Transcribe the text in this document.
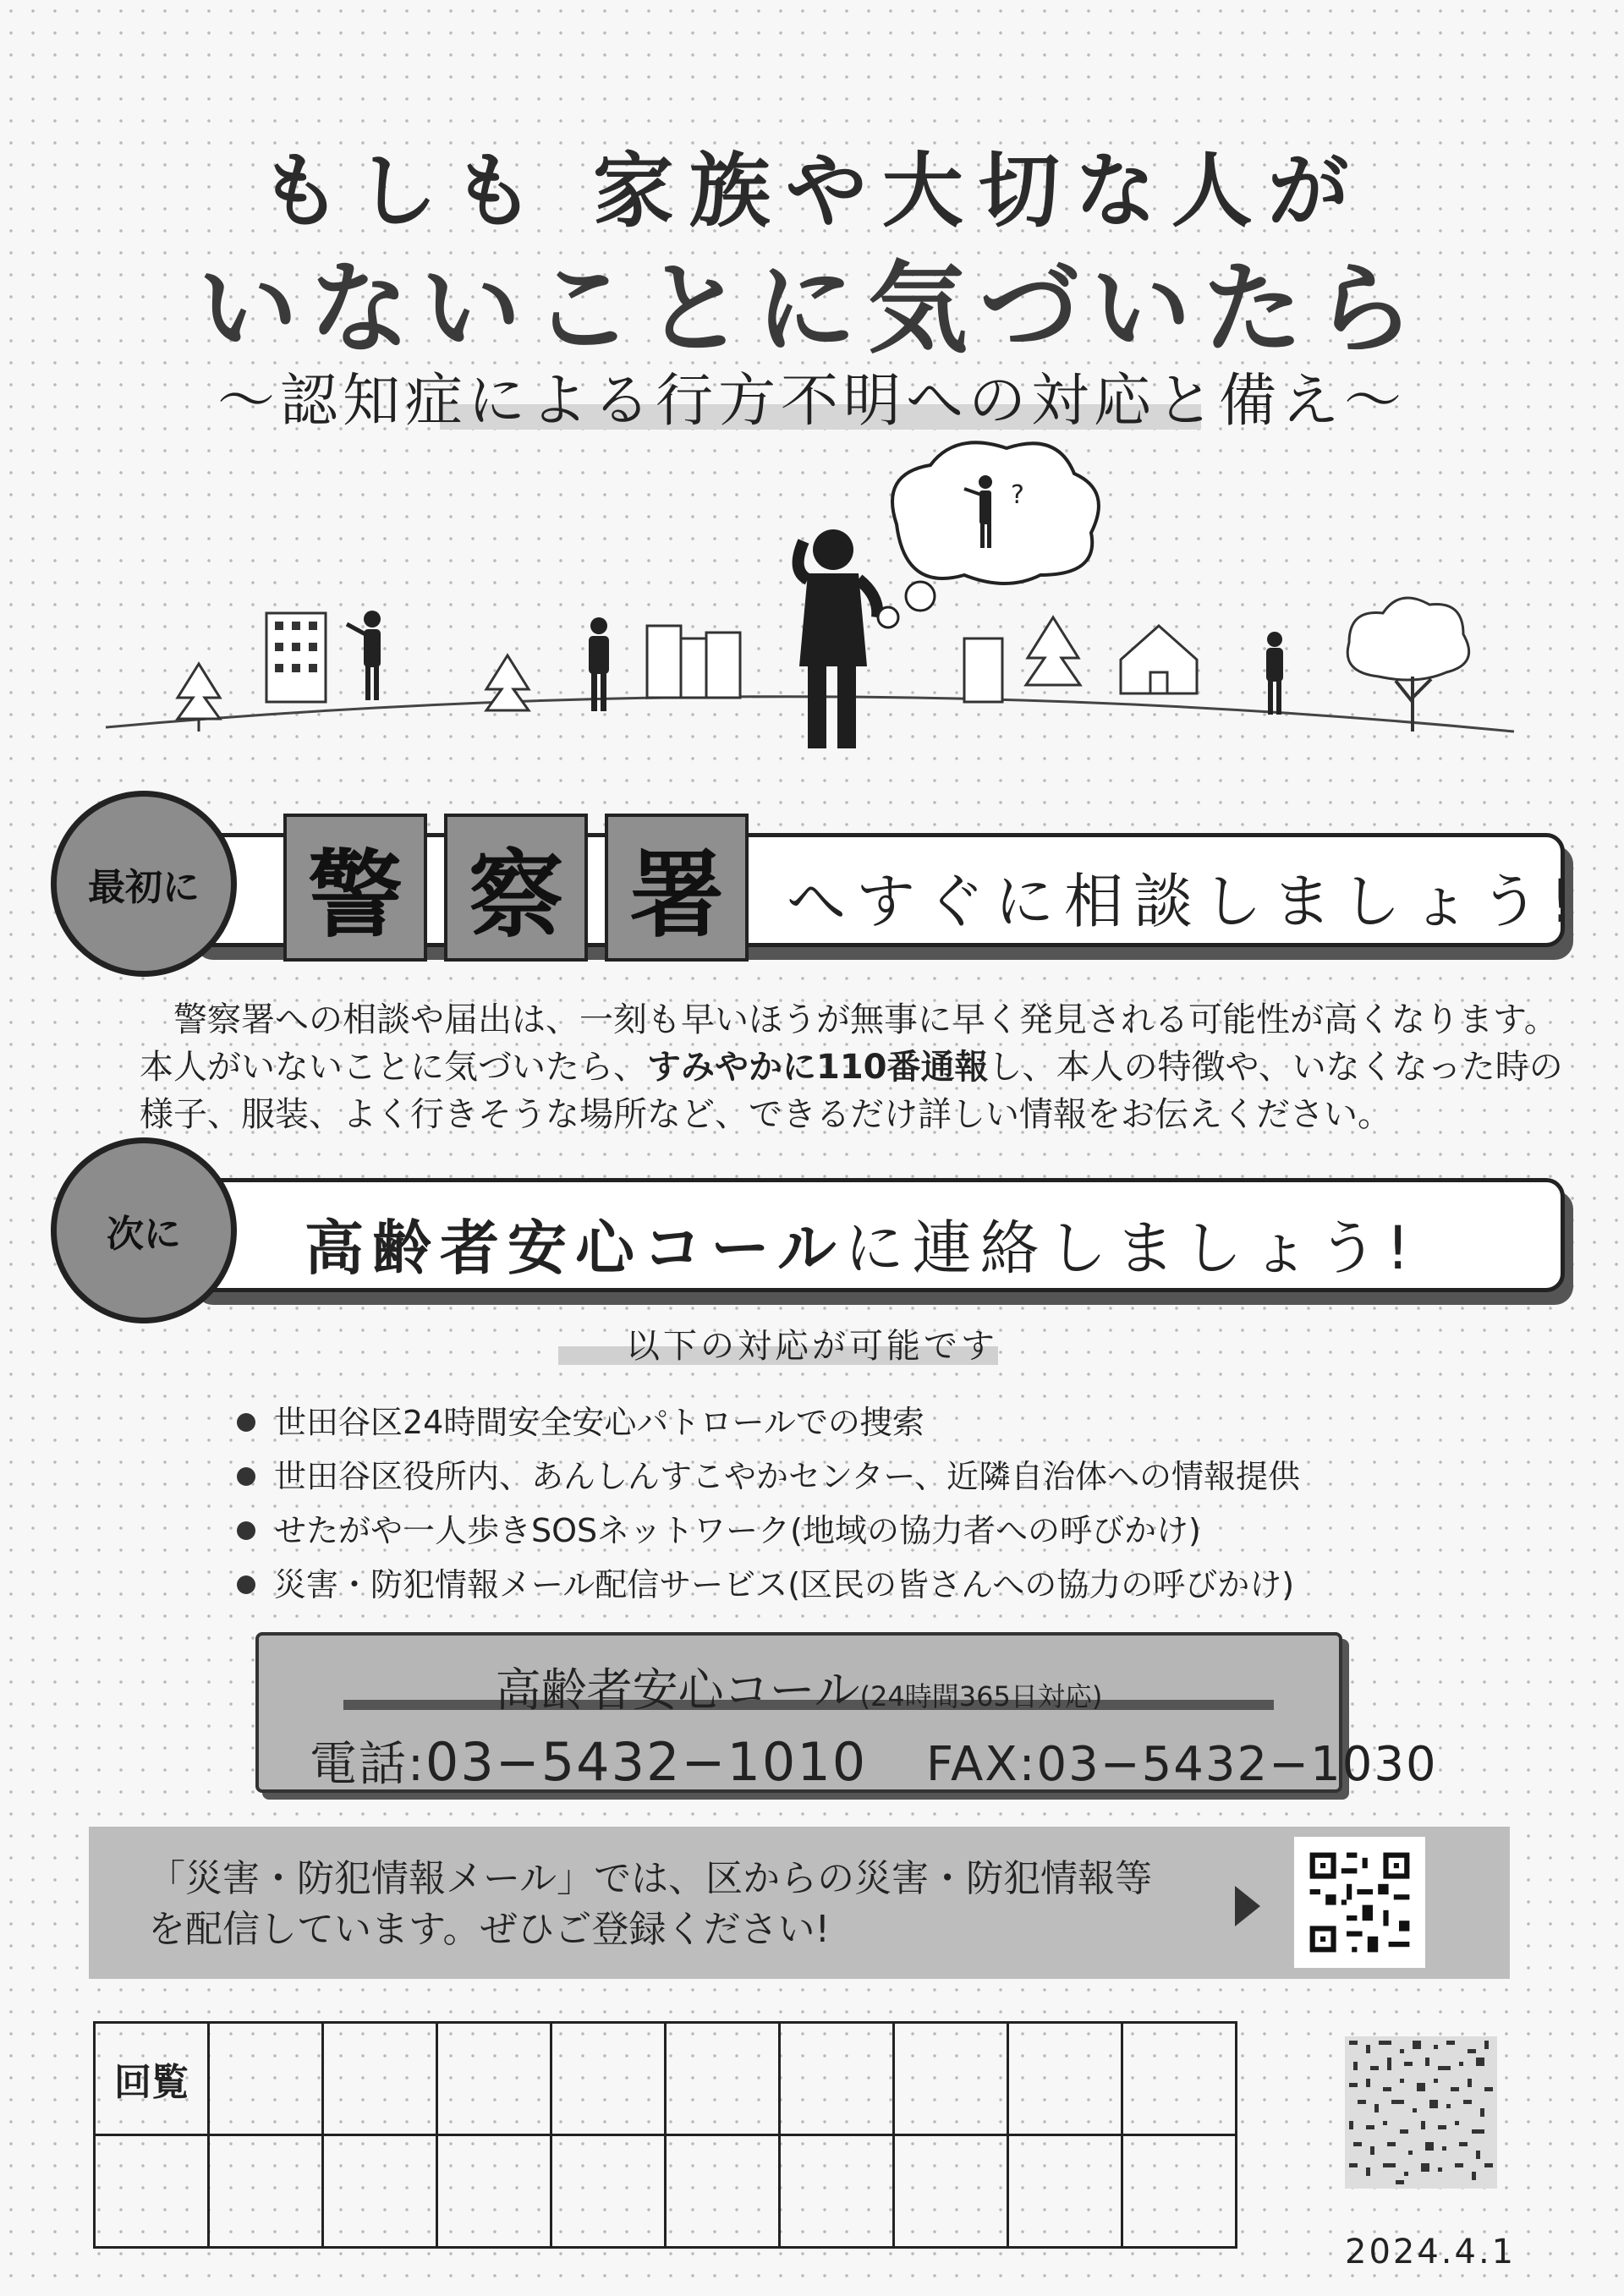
もしも 家族や大切な人が
いないことに気づいたら
〜認知症による行方不明への対応と備え〜
?
最初に	警 察 署	へすぐに相談しましょう!
警察署への相談や届出は、一刻も早いほうが無事に早く発見される可能性が高くなります。
本人がいないことに気づいたら、すみやかに110番通報し、本人の特徴や、いなくなった時の
様子、服装、よく行きそうな場所など、できるだけ詳しい情報をお伝えください。
次に	高齢者安心コールに連絡しましょう!
以下の対応が可能です
世田谷区24時間安全安心パトロールでの捜索
世田谷区役所内、あんしんすこやかセンター、近隣自治体への情報提供
せたがや一人歩きSOSネットワーク(地域の協力者への呼びかけ)
災害・防犯情報メール配信サービス(区民の皆さんへの協力の呼びかけ)
高齢者安心コール(24時間365日対応)
電話:03−5432−1010 FAX:03−5432−1030
「災害・防犯情報メール」では、区からの災害・防犯情報等
を配信しています。ぜひご登録ください!
回覧									

2024.4.1
